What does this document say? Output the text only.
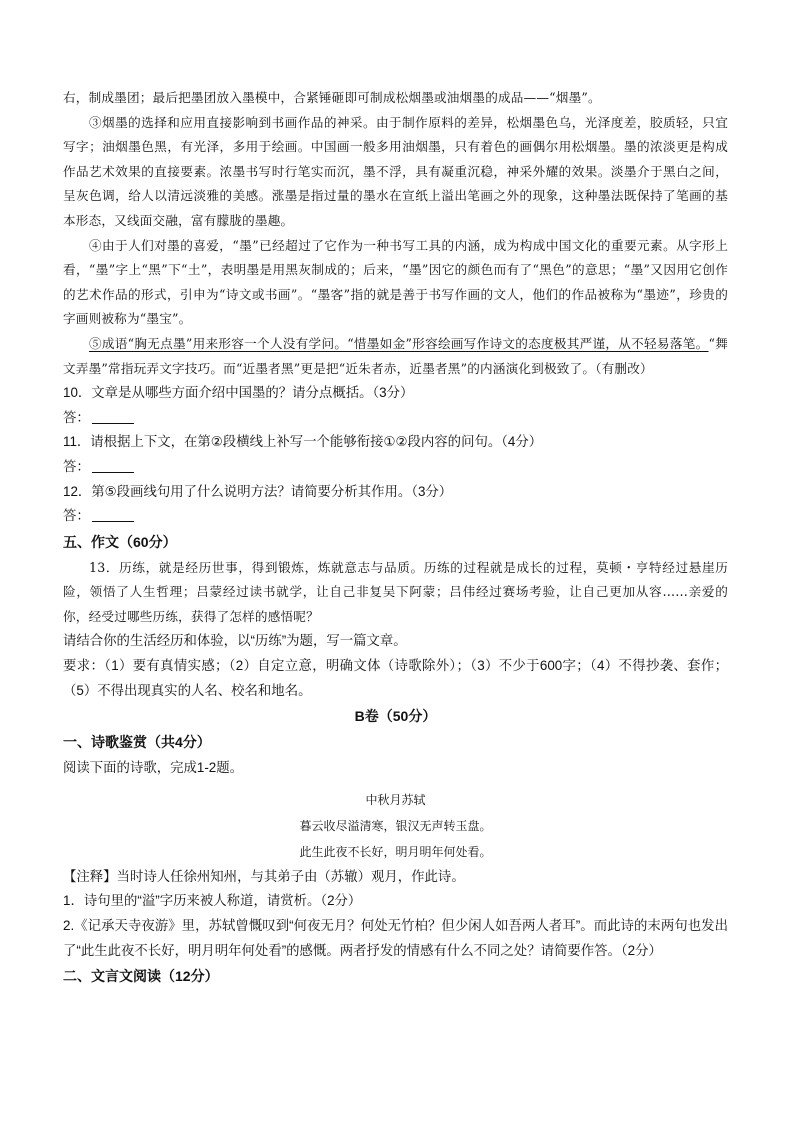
右，制成墨团；最后把墨团放入墨模中，合紧锤砸即可制成松烟墨或油烟墨的成品——“烟墨”。

③烟墨的选择和应用直接影响到书画作品的神采。由于制作原料的差异，松烟墨色乌，光泽度差，胶质轻，只宜写字；油烟墨色黑，有光泽，多用于绘画。中国画一般多用油烟墨，只有着色的画偶尔用松烟墨。墨的浓淡更是构成作品艺术效果的直接要素。浓墨书写时行笔实而沉，墨不浮，具有凝重沉稳，神采外耀的效果。淡墨介于黑白之间，呈灰色调，给人以清远淡雅的美感。涨墨是指过量的墨水在宣纸上溢出笔画之外的现象，这种墨法既保持了笔画的基本形态，又线面交融，富有朦胧的墨趣。

④由于人们对墨的喜爱，“墨”已经超过了它作为一种书写工具的内涵，成为构成中国文化的重要元素。从字形上看，“墨”字上“黑”下“土”，表明墨是用黑灰制成的；后来，“墨”因它的颜色而有了“黑色”的意思；“墨”又因用它创作的艺术作品的形式，引申为“诗文或书画”。“墨客”指的就是善于书写作画的文人，他们的作品被称为“墨迹”，珍贵的字画则被称为“墨宝”。

⑤成语“胸无点墨”用来形容一个人没有学问。“惜墨如金”形容绘画写作诗文的态度极其严谨，从不轻易落笔。“舞文弄墨”常指玩弄文字技巧。而“近墨者黑”更是把“近朱者赤，近墨者黑”的内涵演化到极致了。（有删改）

10．文章是从哪些方面介绍中国墨的？请分点概括。（3分）

答：

11．请根据上下文，在第②段横线上补写一个能够衔接①②段内容的问句。（4分）

答：

12．第⑤段画线句用了什么说明方法？请简要分析其作用。（3分）

答：

五、作文（60分）

13．历练，就是经历世事，得到锻炼，炼就意志与品质。历练的过程就是成长的过程，莫顿・亨特经过悬崖历险，领悟了人生哲理；吕蒙经过读书就学，让自己非复吴下阿蒙；吕伟经过赛场考验，让自己更加从容……亲爱的你，经受过哪些历练，获得了怎样的感悟呢？

请结合你的生活经历和体验，以“历练”为题，写一篇文章。

要求：（1）要有真情实感；（2）自定立意，明确文体（诗歌除外）；（3）不少于600字；（4）不得抄袭、套作；（5）不得出现真实的人名、校名和地名。

B卷（50分）

一、诗歌鉴赏（共4分）

阅读下面的诗歌，完成1-2题。

中秋月苏轼

暮云收尽溢清寒，银汉无声转玉盘。

此生此夜不长好，明月明年何处看。

【注释】当时诗人任徐州知州，与其弟子由（苏辙）观月，作此诗。

1．诗句里的“溢”字历来被人称道，请赏析。（2分）

2.《记承天寺夜游》里，苏轼曾慨叹到“何夜无月？何处无竹柏？但少闲人如吾两人者耳”。而此诗的末两句也发出了“此生此夜不长好，明月明年何处看”的感慨。两者抒发的情感有什么不同之处？请简要作答。（2分）

二、文言文阅读（12分）
